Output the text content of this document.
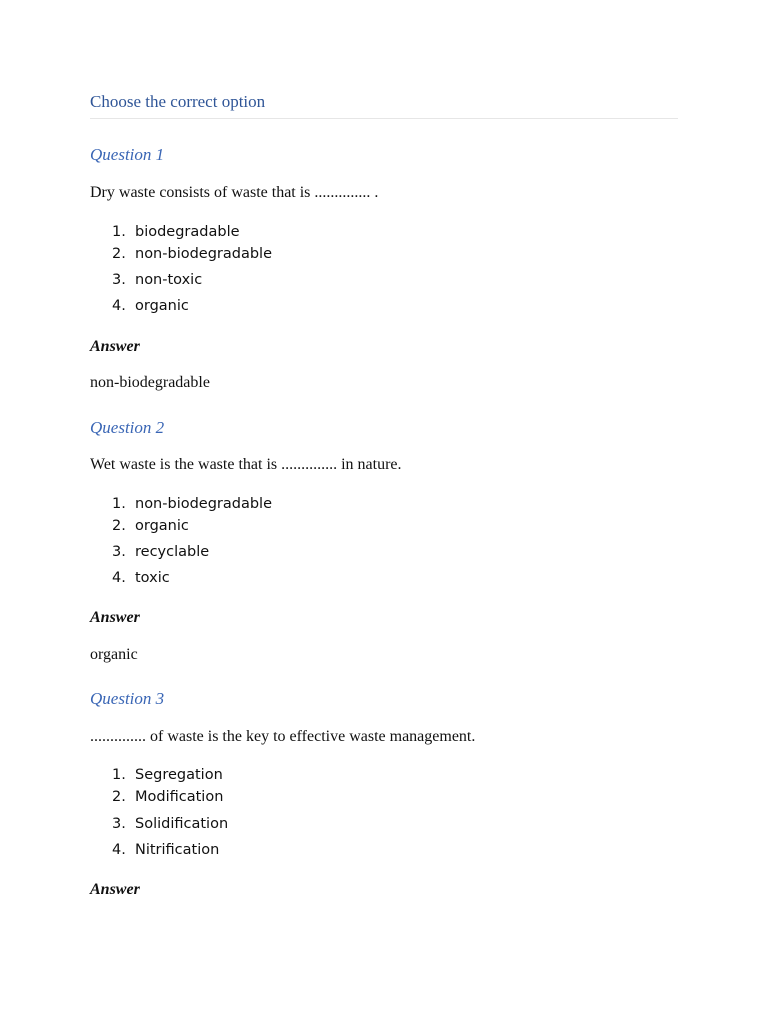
Choose the correct option
Question 1
Dry waste consists of waste that is .............. .
1. biodegradable
2. non-biodegradable
3. non-toxic
4. organic
Answer
non-biodegradable
Question 2
Wet waste is the waste that is .............. in nature.
1. non-biodegradable
2. organic
3. recyclable
4. toxic
Answer
organic
Question 3
.............. of waste is the key to effective waste management.
1. Segregation
2. Modification
3. Solidification
4. Nitrification
Answer
